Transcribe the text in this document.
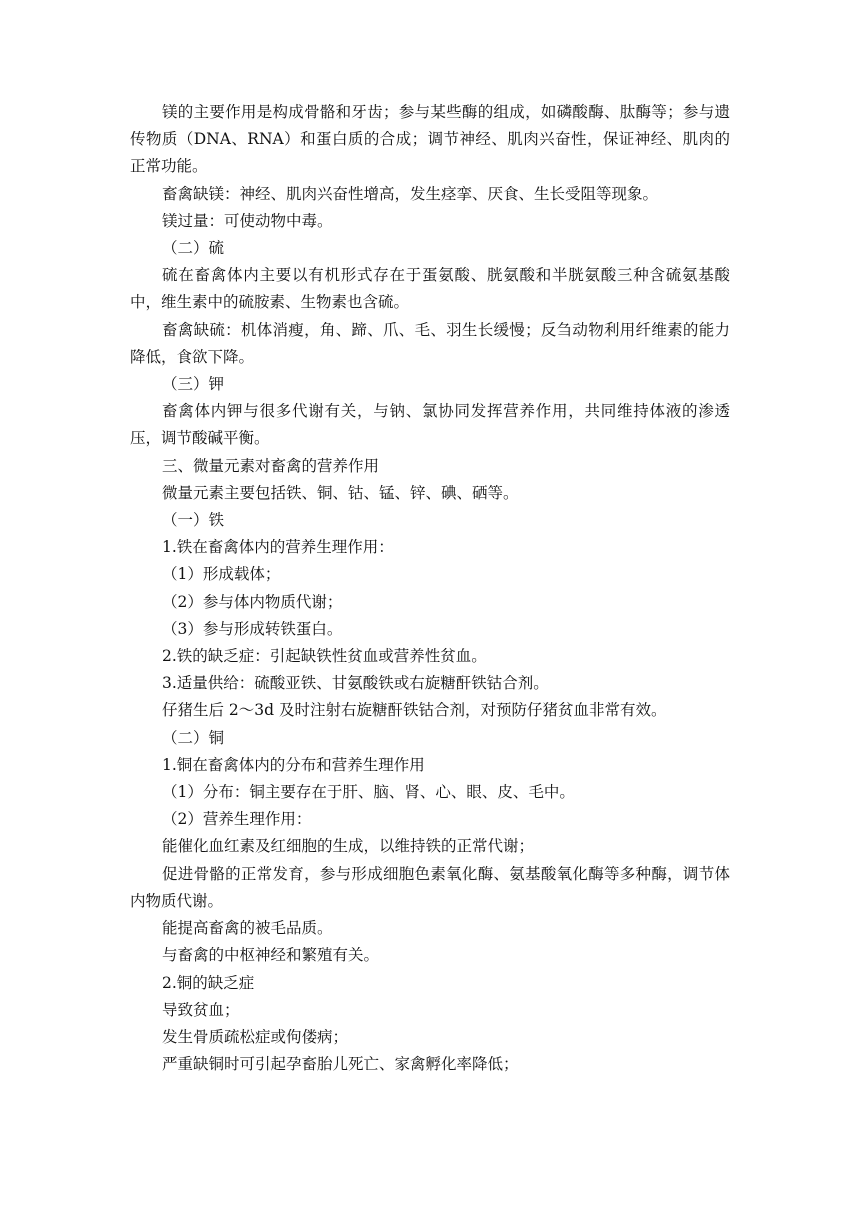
镁的主要作用是构成骨骼和牙齿；参与某些酶的组成，如磷酸酶、肽酶等；参与遗传物质（DNA、RNA）和蛋白质的合成；调节神经、肌肉兴奋性，保证神经、肌肉的正常功能。

畜禽缺镁：神经、肌肉兴奋性增高，发生痉挛、厌食、生长受阻等现象。

镁过量：可使动物中毒。

（二）硫

硫在畜禽体内主要以有机形式存在于蛋氨酸、胱氨酸和半胱氨酸三种含硫氨基酸中，维生素中的硫胺素、生物素也含硫。

畜禽缺硫：机体消瘦，角、蹄、爪、毛、羽生长缓慢；反刍动物利用纤维素的能力降低，食欲下降。

（三）钾

畜禽体内钾与很多代谢有关，与钠、氯协同发挥营养作用，共同维持体液的渗透压，调节酸碱平衡。

三、微量元素对畜禽的营养作用

微量元素主要包括铁、铜、钴、锰、锌、碘、硒等。

（一）铁

1.铁在畜禽体内的营养生理作用：

（1）形成载体；

（2）参与体内物质代谢；

（3）参与形成转铁蛋白。

2.铁的缺乏症：引起缺铁性贫血或营养性贫血。

3.适量供给：硫酸亚铁、甘氨酸铁或右旋糖酐铁钴合剂。

仔猪生后 2～3d 及时注射右旋糖酐铁钴合剂，对预防仔猪贫血非常有效。

（二）铜

1.铜在畜禽体内的分布和营养生理作用

（1）分布：铜主要存在于肝、脑、肾、心、眼、皮、毛中。

（2）营养生理作用：

能催化血红素及红细胞的生成，以维持铁的正常代谢；

促进骨骼的正常发育，参与形成细胞色素氧化酶、氨基酸氧化酶等多种酶，调节体内物质代谢。

能提高畜禽的被毛品质。

与畜禽的中枢神经和繁殖有关。

2.铜的缺乏症

导致贫血；

发生骨质疏松症或佝偻病；

严重缺铜时可引起孕畜胎儿死亡、家禽孵化率降低；
